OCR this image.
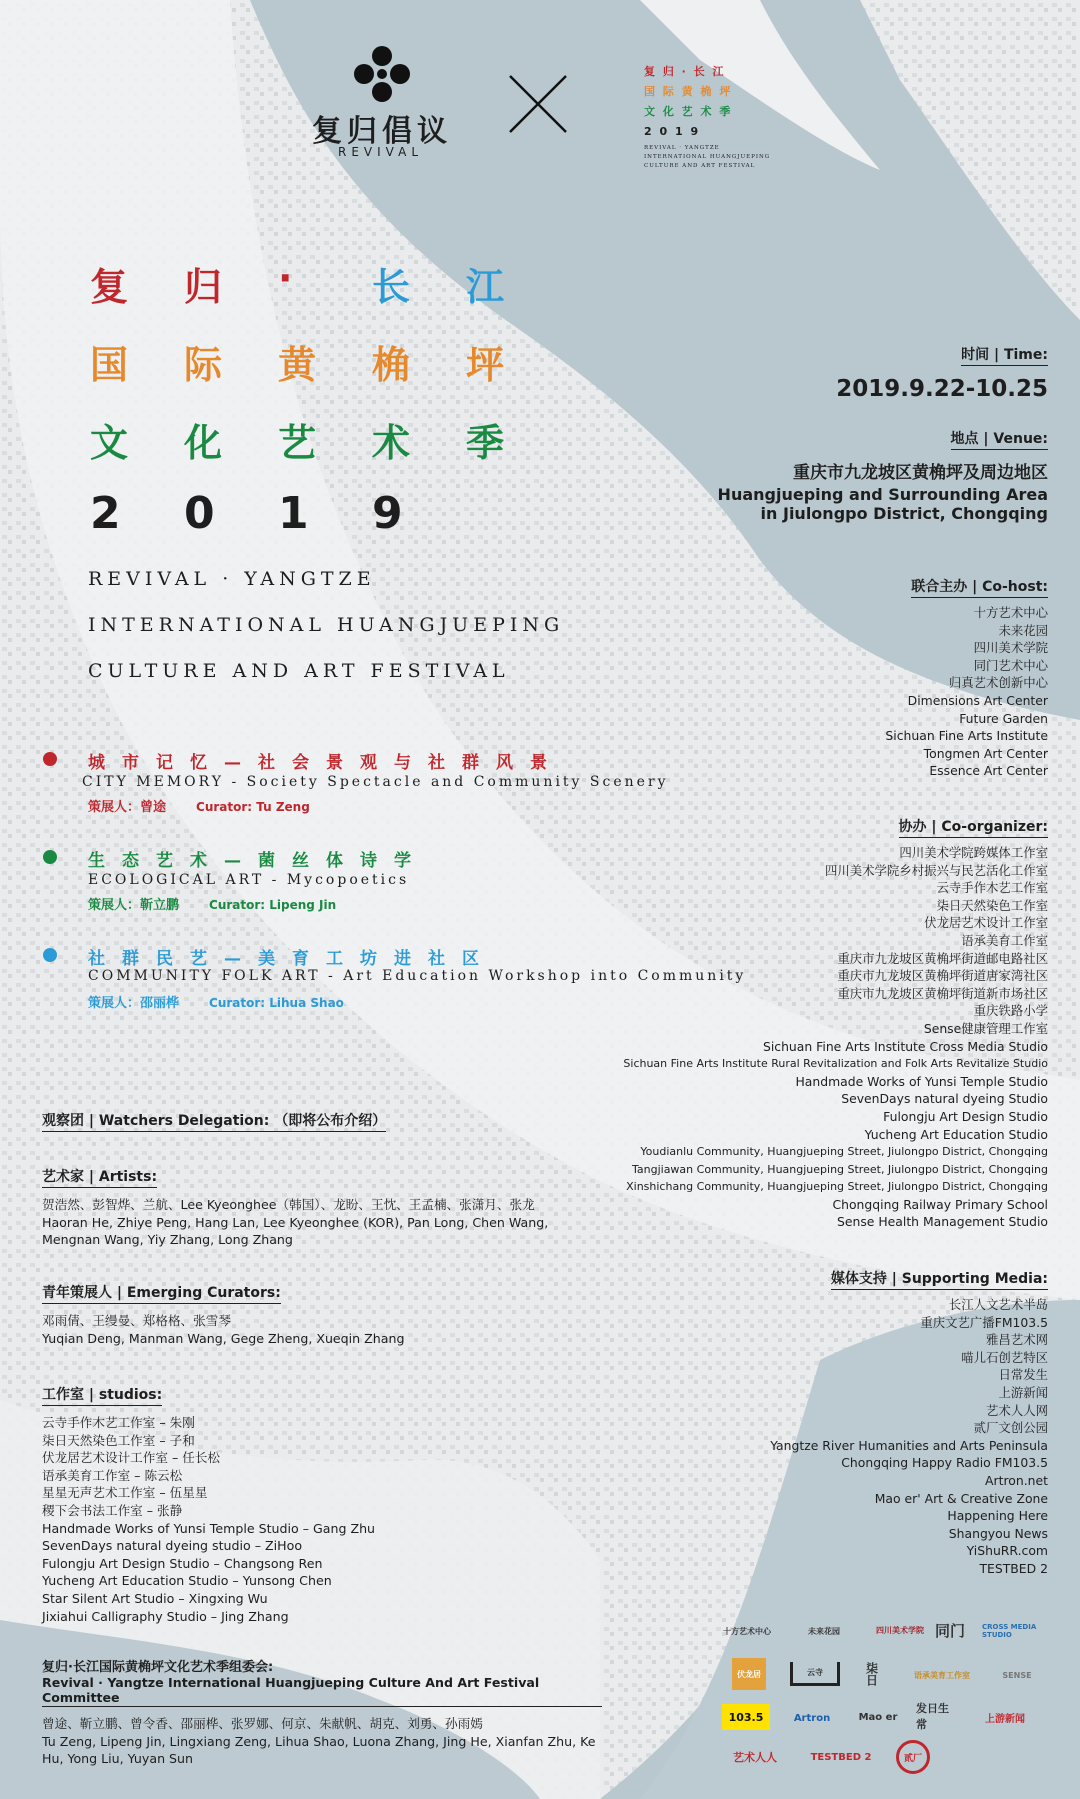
复归倡议
REVIVAL
复 归 · 长 江
国 际 黄 桷 坪
文 化 艺 术 季
2 0 1 9
REVIVAL · YANGTZE
INTERNATIONAL HUANGJUEPING
CULTURE AND ART FESTIVAL
复	归	·	长	江
国	际	黄	桷	坪
文	化	艺	术	季
2	0	1	9
REVIVAL · YANGTZE
INTERNATIONAL HUANGJUEPING
CULTURE AND ART FESTIVAL
城市记忆—社会景观与社群风景
CITY MEMORY - Society Spectacle and Community Scenery
策展人：曾途	Curator: Tu Zeng
生态艺术—菌丝体诗学
ECOLOGICAL ART - Mycopoetics
策展人：靳立鹏	Curator: Lipeng Jin
社群民艺—美育工坊进社区
COMMUNITY FOLK ART - Art Education Workshop into Community
策展人：邵丽桦	Curator: Lihua Shao
时间 | Time:
2019.9.22-10.25
地点 | Venue:
重庆市九龙坡区黄桷坪及周边地区
Huangjueping and Surrounding Area
in Jiulongpo District, Chongqing
联合主办 | Co-host:
十方艺术中心
未来花园
四川美术学院
同门艺术中心
归真艺术创新中心
Dimensions Art Center
Future Garden
Sichuan Fine Arts Institute
Tongmen Art Center
Essence Art Center
协办 | Co-organizer:
四川美术学院跨媒体工作室
四川美术学院乡村振兴与民艺活化工作室
云寺手作木艺工作室
柒日天然染色工作室
伏龙居艺术设计工作室
语承美育工作室
重庆市九龙坡区黄桷坪街道邮电路社区
重庆市九龙坡区黄桷坪街道唐家湾社区
重庆市九龙坡区黄桷坪街道新市场社区
重庆铁路小学
Sense健康管理工作室
Sichuan Fine Arts Institute Cross Media Studio
Sichuan Fine Arts Institute Rural Revitalization and Folk Arts Revitalize Studio
Handmade Works of Yunsi Temple Studio
SevenDays natural dyeing Studio
Fulongju Art Design Studio
Yucheng Art Education Studio
Youdianlu Community, Huangjueping Street, Jiulongpo District, Chongqing
Tangjiawan Community, Huangjueping Street, Jiulongpo District, Chongqing
Xinshichang Community, Huangjueping Street, Jiulongpo District, Chongqing
Chongqing Railway Primary School
Sense Health Management Studio
媒体支持 | Supporting Media:
长江人文艺术半岛
重庆文艺广播FM103.5
雅昌艺术网
喵儿石创艺特区
日常发生
上游新闻
艺术人人网
贰厂文创公园
Yangtze River Humanities and Arts Peninsula
Chongqing Happy Radio FM103.5
Artron.net
Mao er' Art & Creative Zone
Happening Here
Shangyou News
YiShuRR.com
TESTBED 2
观察团 | Watchers Delegation: （即将公布介绍）
艺术家 | Artists:
贺浩然、彭智烨、兰航、Lee Kyeonghee（韩国）、龙盼、王忱、王孟楠、张潇月、张龙
Haoran He, Zhiye Peng, Hang Lan, Lee Kyeonghee (KOR), Pan Long, Chen Wang,
Mengnan Wang, Yiy Zhang, Long Zhang
青年策展人 | Emerging Curators:
邓雨倩、王缦曼、郑格格、张雪琴
Yuqian Deng, Manman Wang, Gege Zheng, Xueqin Zhang
工作室 | studios:
云寺手作木艺工作室 – 朱刚
柒日天然染色工作室 – 子和
伏龙居艺术设计工作室 – 任长松
语承美育工作室 – 陈云松
星星无声艺术工作室 – 伍星星
稷下会书法工作室 – 张静
Handmade Works of Yunsi Temple Studio – Gang Zhu
SevenDays natural dyeing studio – ZiHoo
Fulongju Art Design Studio – Changsong Ren
Yucheng Art Education Studio – Yunsong Chen
Star Silent Art Studio – Xingxing Wu
Jixiahui Calligraphy Studio – Jing Zhang
复归·长江国际黄桷坪文化艺术季组委会:
Revival · Yangtze International Huangjueping Culture And Art Festival Committee
曾途、靳立鹏、曾令香、邵丽桦、张罗娜、何京、朱献帆、胡克、刘勇、孙雨嫣
Tu Zeng, Lipeng Jin, Lingxiang Zeng, Lihua Shao, Luona Zhang, Jing He, Xianfan Zhu, Ke
Hu, Yong Liu, Yuyan Sun
十方艺术中心	未来花园	四川美术学院 同门	CROSS MEDIA STUDIO
伏龙居	云寺	柒日	语承美育工作室	SENSE
103.5	Artron	Mao er
发日生常	上游新闻
艺术人人	TESTBED 2	贰厂
